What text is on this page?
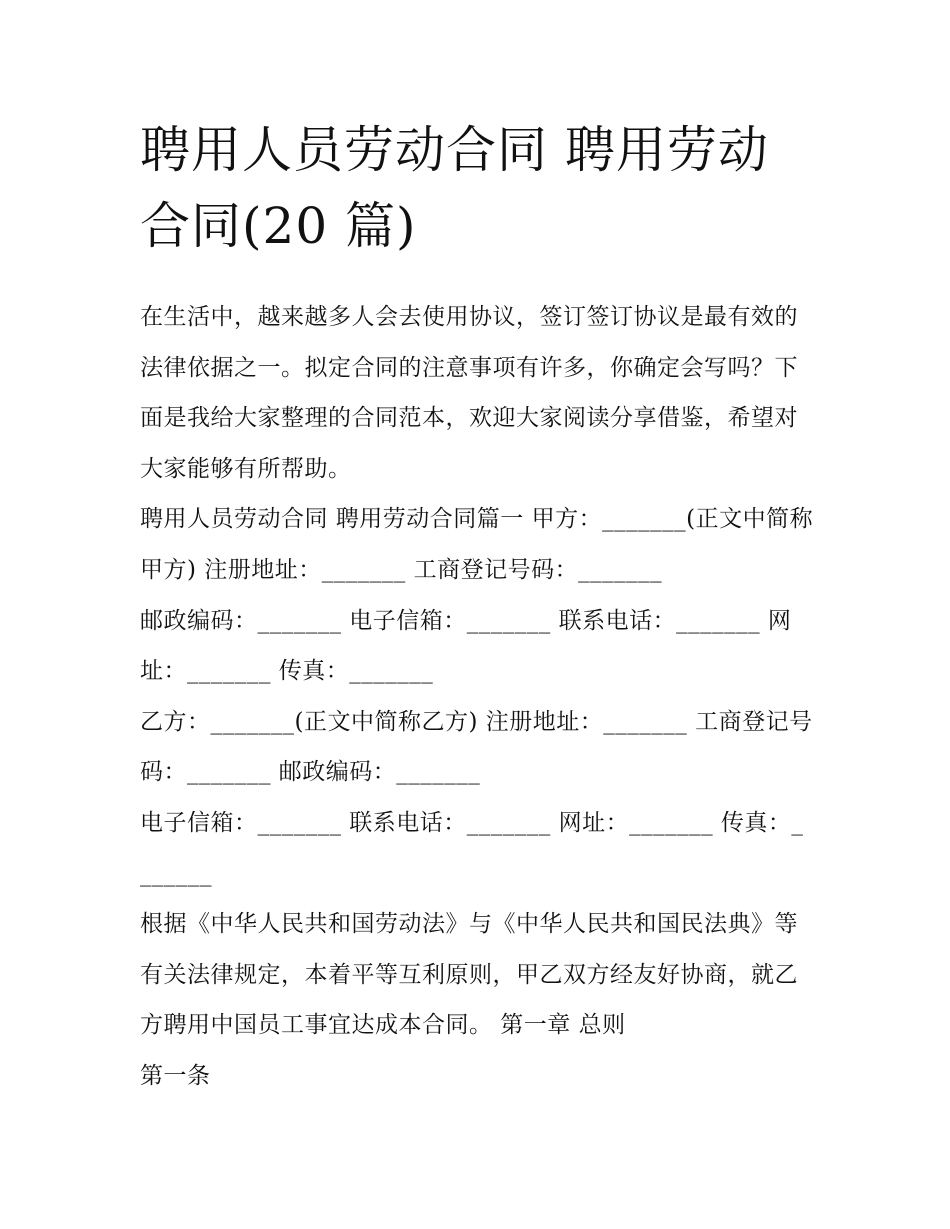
聘用人员劳动合同 聘用劳动合同(20 篇)

在生活中，越来越多人会去使用协议，签订签订协议是最有效的法律依据之一。拟定合同的注意事项有许多，你确定会写吗？下面是我给大家整理的合同范本，欢迎大家阅读分享借鉴，希望对大家能够有所帮助。

聘用人员劳动合同 聘用劳动合同篇一 甲方：_______(正文中简称甲方) 注册地址：_______ 工商登记号码：_______

邮政编码：_______ 电子信箱：_______ 联系电话：_______ 网址：_______ 传真：_______

乙方：_______(正文中简称乙方) 注册地址：_______ 工商登记号码：_______ 邮政编码：_______

电子信箱：_______ 联系电话：_______ 网址：_______ 传真：_______

根据《中华人民共和国劳动法》与《中华人民共和国民法典》等有关法律规定，本着平等互利原则，甲乙双方经友好协商，就乙方聘用中国员工事宜达成本合同。 第一章 总则

第一条
